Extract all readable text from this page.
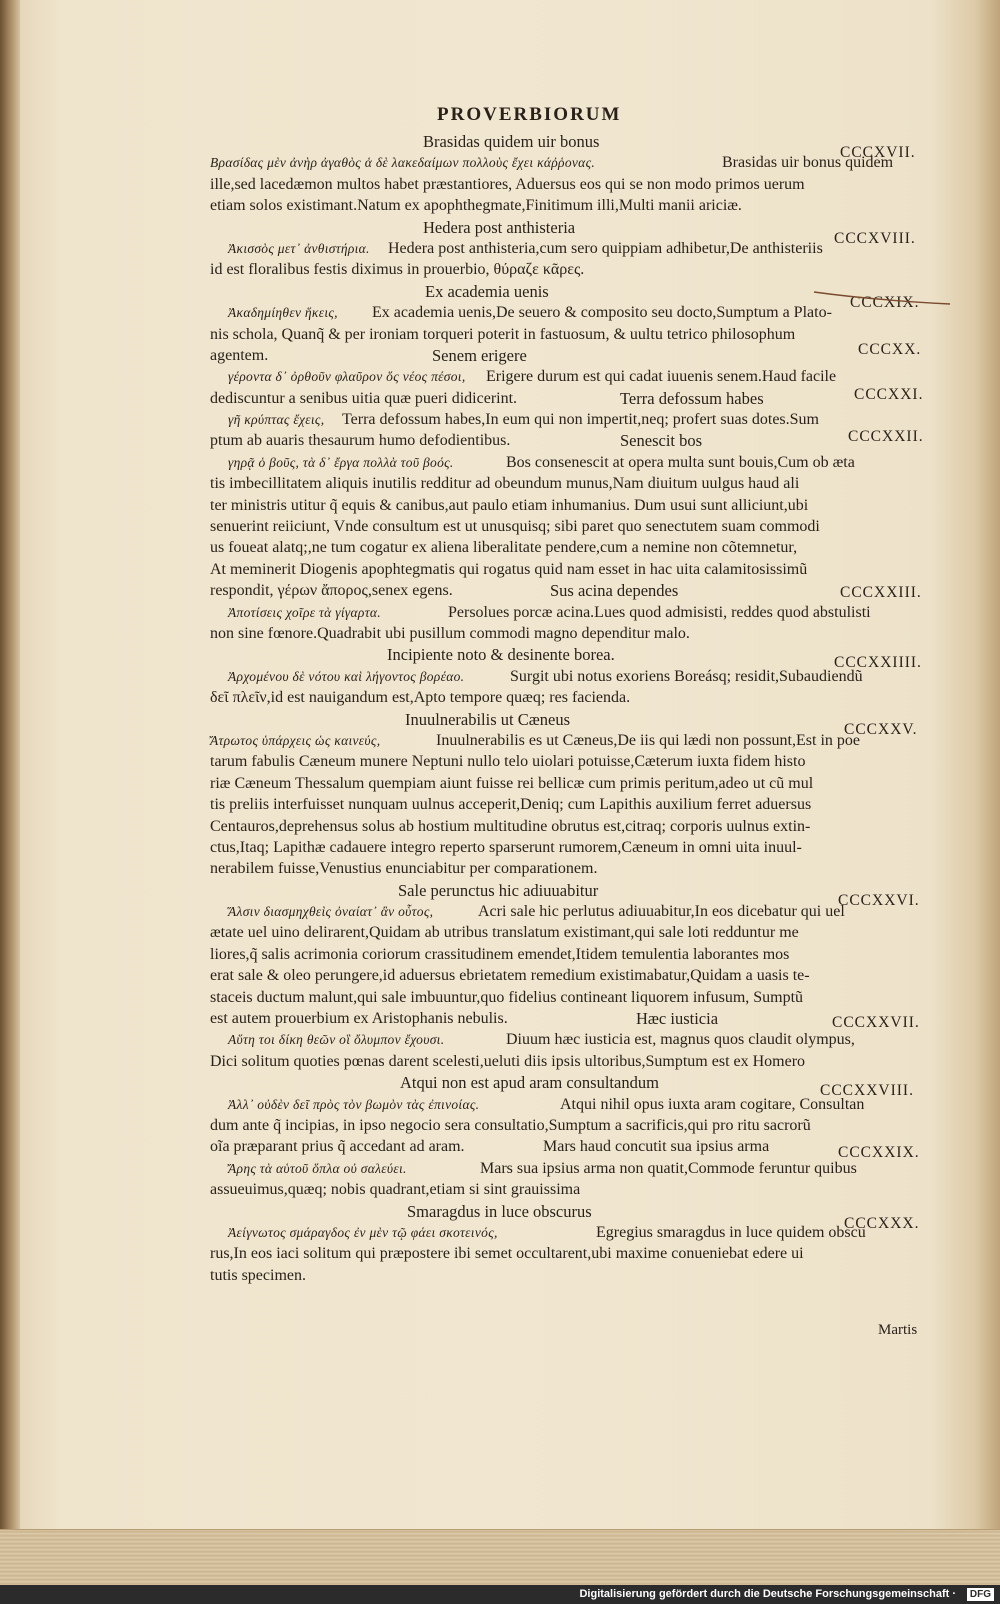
PROVERBIORUM
Brasidas quidem uir bonus
Βρασίδας μὲν ἀνὴρ ἀγαθὸς ἁ δὲ λακεδαίμων πολλοὺς ἔχει κάῤῥονας.	Brasidas uir bonus quidem
CCCXVII.
ille,sed lacedæmon multos habet præstantiores, Aduersus eos qui se non modo primos uerum
etiam solos existimant.Natum ex apophthegmate,Finitimum illi,Multi manii ariciæ.
Hedera post anthisteria
Ἀκισσὸς μετ᾽ ἀνθιστήρια. Hedera post anthisteria,cum sero quippiam adhibetur,De anthisteriis
CCCXVIII.
id est floralibus festis diximus in prouerbio, θύραζε κᾶρες.
Ex academia uenis
Ἀκαδημίηθεν ἥκεις, Ex academia uenis,De seuero & composito seu docto,Sumptum a Plato-
CCCXIX.
nis schola, Quanq̃ & per ironiam torqueri poterit in fastuosum, & uultu tetrico philosophum
agentem.	Senem erigere	CCCXX.
γέροντα δ᾽ ὀρθοῦν φλαῦρον ὅς νέος πέσοι, Erigere durum est qui cadat iuuenis senem.Haud facile
dediscuntur a senibus uitia quæ pueri didicerint.	Terra defossum habes	CCCXXI.
γῆ κρύπτας ἔχεις, Terra defossum habes,In eum qui non impertit,neq; profert suas dotes.Sum
ptum ab auaris thesaurum humo defodientibus.	Senescit bos	CCCXXII.
γηρᾷ ὁ βοῦς, τὰ δ᾽ ἔργα πολλὰ τοῦ βοός.	Bos consenescit at opera multa sunt bouis,Cum ob æta
tis imbecillitatem aliquis inutilis redditur ad obeundum munus,Nam diuitum uulgus haud ali
ter ministris utitur q̃ equis & canibus,aut paulo etiam inhumanius. Dum usui sunt alliciunt,ubi
senuerint reiiciunt, Vnde consultum est ut unusquisq; sibi paret quo senectutem suam commodi
us foueat alatq;,ne tum cogatur ex aliena liberalitate pendere,cum a nemine non cõtemnetur,
At meminerit Diogenis apophtegmatis qui rogatus quid nam esset in hac uita calamitosissimũ
respondit, γέρων ἄπορος,senex egens.	Sus acina dependes	CCCXXIII.
Ἀποτίσεις χοῖρε τὰ γίγαρτα.	Persolues porcæ acina.Lues quod admisisti, reddes quod abstulisti
non sine fœnore.Quadrabit ubi pusillum commodi magno dependitur malo.
Incipiente noto & desinente borea.	CCCXXIIII.
Ἀρχομένου δὲ νότου καὶ λήγοντος βορέαο.	Surgit ubi notus exoriens Boreásq; residit,Subaudiendũ
δεῖ πλεῖν,id est nauigandum est,Apto tempore quæq; res facienda.
Inuulnerabilis ut Cæneus
CCCXXV.
Ἄτρωτος ὑπάρχεις ὡς καινεύς,	Inuulnerabilis es ut Cæneus,De iis qui lædi non possunt,Est in poe
tarum fabulis Cæneum munere Neptuni nullo telo uiolari potuisse,Cæterum iuxta fidem histo
riæ Cæneum Thessalum quempiam aiunt fuisse rei bellicæ cum primis peritum,adeo ut cũ mul
tis preliis interfuisset nunquam uulnus acceperit,Deniq; cum Lapithis auxilium ferret aduersus
Centauros,deprehensus solus ab hostium multitudine obrutus est,citraq; corporis uulnus extin-
ctus,Itaq; Lapithæ cadauere integro reperto sparserunt rumorem,Cæneum in omni uita inuul-
nerabilem fuisse,Venustius enunciabitur per comparationem.
Sale perunctus hic adiuuabitur
CCCXXVI.
Ἅλσιν διασμηχθεὶς ὀναίατ᾽ ἂν οὗτος,	Acri sale hic perlutus adiuuabitur,In eos dicebatur qui uel
ætate uel uino delirarent,Quidam ab utribus translatum existimant,qui sale loti redduntur me
liores,q̃ salis acrimonia coriorum crassitudinem emendet,Itidem temulentia laborantes mos
erat sale & oleo perungere,id aduersus ebrietatem remedium existimabatur,Quidam a uasis te-
staceis ductum malunt,qui sale imbuuntur,quo fidelius contineant liquorem infusum, Sumptũ
est autem prouerbium ex Aristophanis nebulis.	Hæc iusticia	CCCXXVII.
Αὕτη τοι δίκη θεῶν οἳ ὄλυμπον ἔχουσι.	Diuum hæc iusticia est, magnus quos claudit olympus,
Dici solitum quoties pœnas darent scelesti,ueluti diis ipsis ultoribus,Sumptum est ex Homero
Atqui non est apud aram consultandum	CCCXXVIII.
Ἀλλ᾽ οὐδὲν δεῖ πρὸς τὸν βωμὸν τὰς ἐπινοίας.	Atqui nihil opus iuxta aram cogitare, Consultan
dum ante q̃ incipias, in ipso negocio sera consultatio,Sumptum a sacrificis,qui pro ritu sacrorũ
oĩa præparant prius q̃ accedant ad aram.	Mars haud concutit sua ipsius arma	CCCXXIX.
Ἄρης τὰ αὑτοῦ ὅπλα οὐ σαλεύει.	Mars sua ipsius arma non quatit,Commode feruntur quibus
assueuimus,quæq; nobis quadrant,etiam si sint grauissima
Smaragdus in luce obscurus
CCCXXX.
Ἀείγνωτος σμάραγδος ἐν μὲν τῷ φάει σκοτεινός,	Egregius smaragdus in luce quidem obscu
rus,In eos iaci solitum qui præpostere ibi semet occultarent,ubi maxime conueniebat edere ui
tutis specimen.
Martis
Digitalisierung gefördert durch die Deutsche Forschungsgemeinschaft ·	DFG
